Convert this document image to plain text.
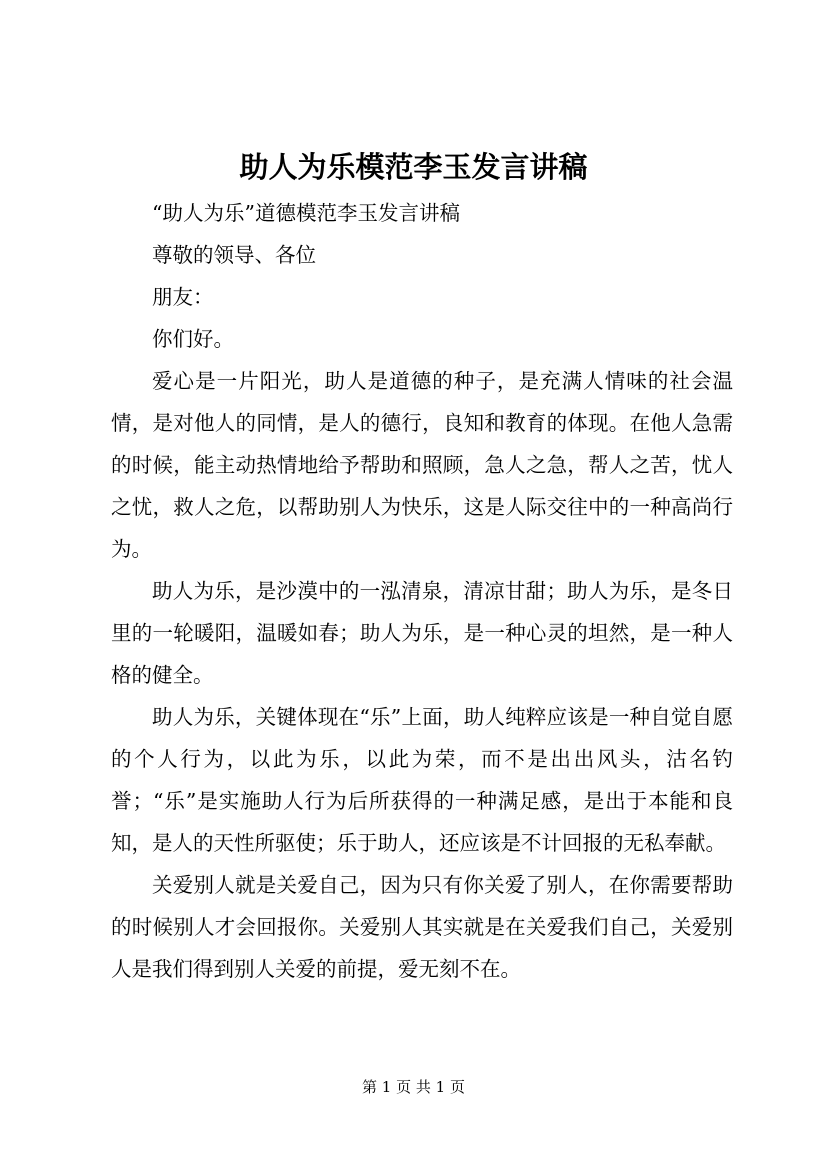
助人为乐模范李玉发言讲稿

“助人为乐”道德模范李玉发言讲稿

尊敬的领导、各位

朋友：

你们好。

爱心是一片阳光，助人是道德的种子，是充满人情味的社会温情，是对他人的同情，是人的德行，良知和教育的体现。在他人急需的时候，能主动热情地给予帮助和照顾，急人之急，帮人之苦，忧人之忧，救人之危，以帮助别人为快乐，这是人际交往中的一种高尚行为。

助人为乐，是沙漠中的一泓清泉，清凉甘甜；助人为乐，是冬日里的一轮暖阳，温暖如春；助人为乐，是一种心灵的坦然，是一种人格的健全。

助人为乐，关键体现在“乐”上面，助人纯粹应该是一种自觉自愿的个人行为，以此为乐，以此为荣，而不是出出风头，沽名钓誉；“乐”是实施助人行为后所获得的一种满足感，是出于本能和良知，是人的天性所驱使；乐于助人，还应该是不计回报的无私奉献。

关爱别人就是关爱自己，因为只有你关爱了别人，在你需要帮助的时候别人才会回报你。关爱别人其实就是在关爱我们自己，关爱别人是我们得到别人关爱的前提，爱无刻不在。

第 1 页 共 1 页
